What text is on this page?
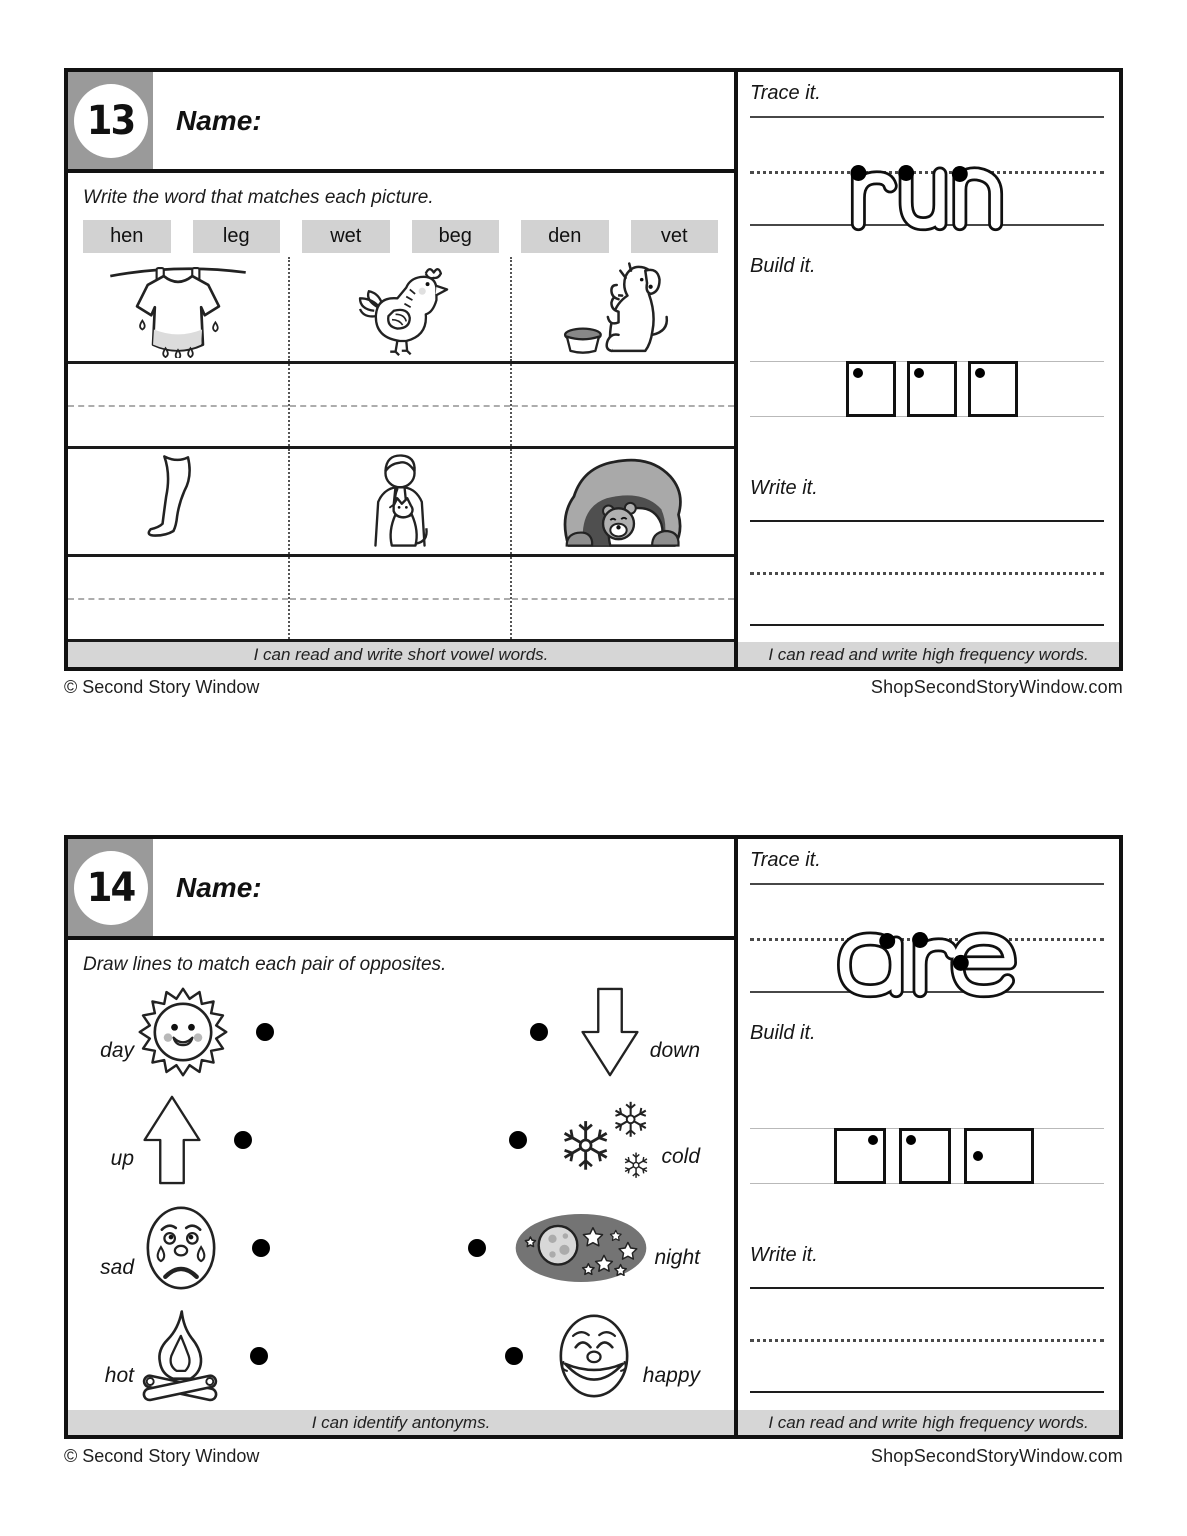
13 Name:
Write the word that matches each picture.
hen	leg	wet	beg	den	vet
I can read and write short vowel words.
Trace it.
Build it.
Write it.
I can read and write high frequency words.
© Second Story Window	ShopSecondStoryWindow.com
14 Name:
Draw lines to match each pair of opposites.
day	down
up	cold
sad	night
hot	happy
I can identify antonyms.
Trace it.
Build it.
Write it.
I can read and write high frequency words.
© Second Story Window	ShopSecondStoryWindow.com
